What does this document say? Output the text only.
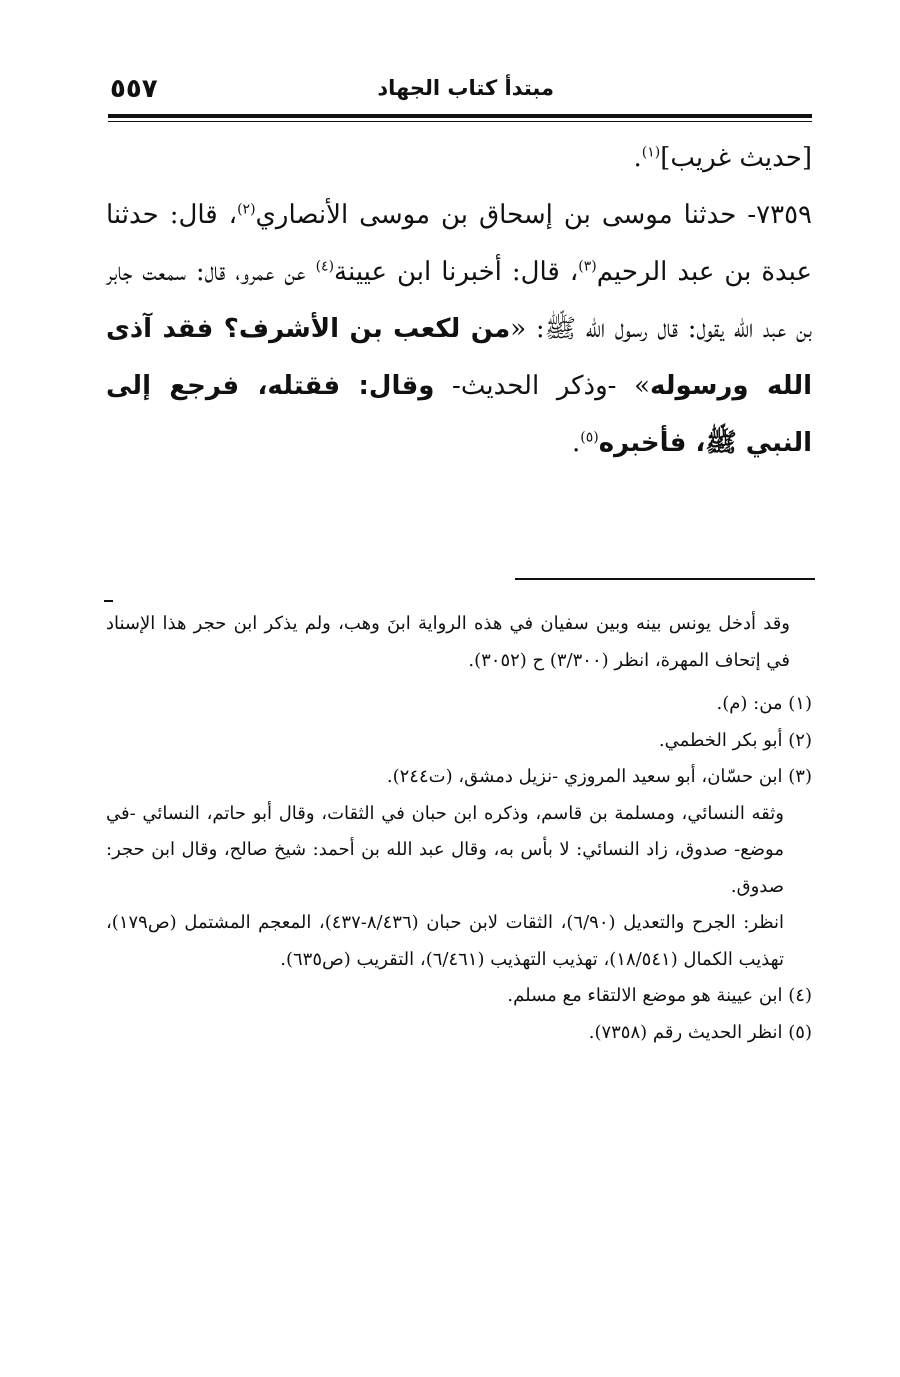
٥٥٧	مبتدأ كتاب الجهاد

[حديث غريب]$^{(١)}$.

٧٣٥٩- حدثنا موسى بن إسحاق بن موسى الأنصاري$^{(٢)}$، قال: حدثنا عبدة بن عبد الرحيم$^{(٣)}$، قال: أخبرنا ابن عيينة$^{(٤)}$ عن عمرو، قال: سمعت جابر بن عبد الله يقول: قال رسول الله ﷺ: «من لكعب بن الأشرف؟ فقد آذى الله ورسوله» -وذكر الحديث- وقال: فقتله، فرجع إلى النبي ﷺ، فأخبره$^{(٥)}$.

وقد أدخل يونس بينه وبين سفيان في هذه الرواية ابنَ وهب، ولم يذكر ابن حجر هذا الإسناد في إتحاف المهرة، انظر (٣/٣٠٠) ح (٣٠٥٢).

(١) من: (م).

(٢) أبو بكر الخطمي.

(٣) ابن حسّان، أبو سعيد المروزي -نزيل دمشق، (ت٢٤٤).

وثقه النسائي، ومسلمة بن قاسم، وذكره ابن حبان في الثقات، وقال أبو حاتم، النسائي -في موضع- صدوق، زاد النسائي: لا بأس به، وقال عبد الله بن أحمد: شيخ صالح، وقال ابن حجر: صدوق.

انظر: الجرح والتعديل (٦/٩٠)، الثقات لابن حبان (٨/٤٣٦-٤٣٧)، المعجم المشتمل (ص١٧٩)، تهذيب الكمال (١٨/٥٤١)، تهذيب التهذيب (٦/٤٦١)، التقريب (ص٦٣٥).

(٤) ابن عيينة هو موضع الالتقاء مع مسلم.

(٥) انظر الحديث رقم (٧٣٥٨).
